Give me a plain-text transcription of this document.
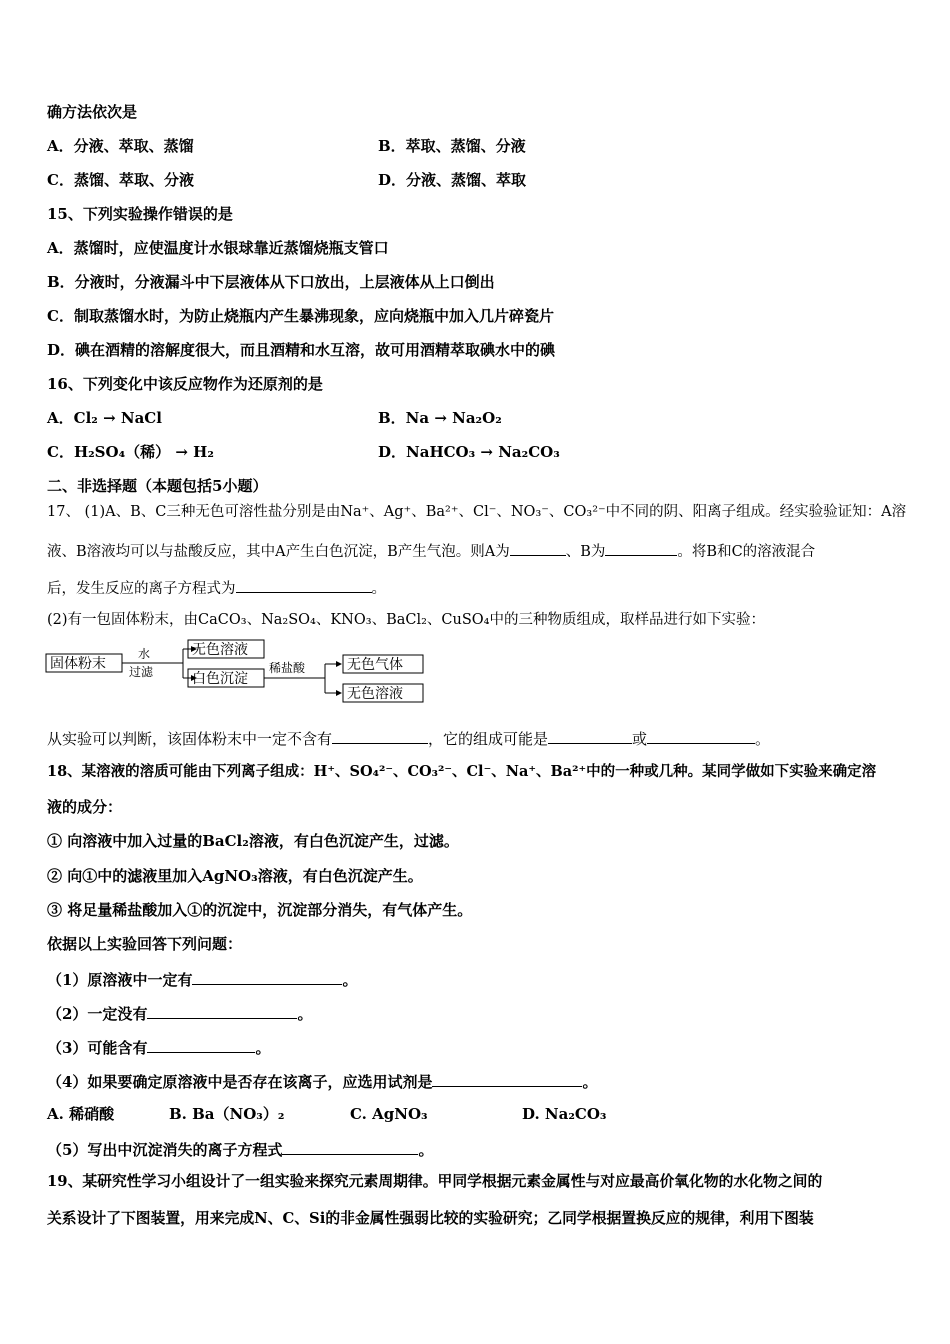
确方法依次是
A．分液、萃取、蒸馏	B．萃取、蒸馏、分液
C．蒸馏、萃取、分液	D．分液、蒸馏、萃取
15、下列实验操作错误的是
A．蒸馏时，应使温度计水银球靠近蒸馏烧瓶支管口
B．分液时，分液漏斗中下层液体从下口放出，上层液体从上口倒出
C．制取蒸馏水时，为防止烧瓶内产生暴沸现象，应向烧瓶中加入几片碎瓷片
D．碘在酒精的溶解度很大，而且酒精和水互溶，故可用酒精萃取碘水中的碘
16、下列变化中该反应物作为还原剂的是
A．Cl₂ → NaCl	B．Na → Na₂O₂
C．H₂SO₄（稀） → H₂	D．NaHCO₃ → Na₂CO₃
二、非选择题（本题包括5小题）
17、 (1)A、B、C三种无色可溶性盐分别是由Na⁺、Ag⁺、Ba²⁺、Cl⁻、NO₃⁻、CO₃²⁻中不同的阴、阳离子组成。经实验验证知：A溶
液、B溶液均可以与盐酸反应，其中A产生白色沉淀，B产生气泡。则A为	、B为	。将B和C的溶液混合
后，发生反应的离子方程式为	。
(2)有一包固体粉末，由CaCO₃、Na₂SO₄、KNO₃、BaCl₂、CuSO₄中的三种物质组成，取样品进行如下实验：
固体粉末
水
过滤
无色溶液
白色沉淀
稀盐酸	无色气体
无色溶液
从实验可以判断，该固体粉末中一定不含有	，它的组成可能是	或	。
18、某溶液的溶质可能由下列离子组成：H⁺、SO₄²⁻、CO₃²⁻、Cl⁻、Na⁺、Ba²⁺中的一种或几种。某同学做如下实验来确定溶
液的成分：
① 向溶液中加入过量的BaCl₂溶液，有白色沉淀产生，过滤。
② 向①中的滤液里加入AgNO₃溶液，有白色沉淀产生。
③ 将足量稀盐酸加入①的沉淀中，沉淀部分消失，有气体产生。
依据以上实验回答下列问题：
（1）原溶液中一定有	。
（2）一定没有	。
（3）可能含有	。
（4）如果要确定原溶液中是否存在该离子，应选用试剂是	。
A. 稀硝酸	B. Ba（NO₃）₂	C. AgNO₃	D. Na₂CO₃
（5）写出中沉淀消失的离子方程式	。
19、某研究性学习小组设计了一组实验来探究元素周期律。甲同学根据元素金属性与对应最高价氧化物的水化物之间的
关系设计了下图装置，用来完成N、C、Si的非金属性强弱比较的实验研究；乙同学根据置换反应的规律，利用下图装
